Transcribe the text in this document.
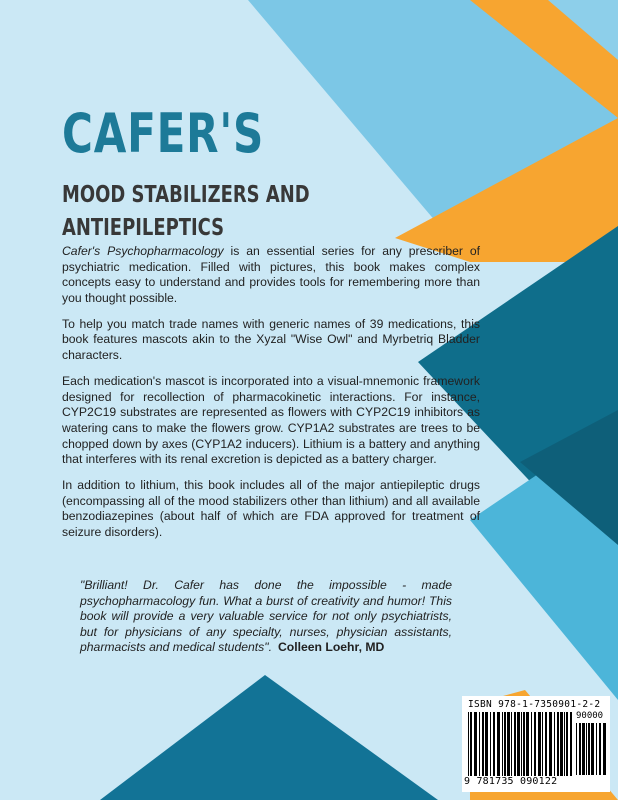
CAFER'S
MOOD STABILIZERS AND
ANTIEPILEPTICS

Cafer's Psychopharmacology is an essential series for any prescriber of psychiatric medication. Filled with pictures, this book makes complex concepts easy to understand and provides tools for remembering more than you thought possible.

To help you match trade names with generic names of 39 medications, this book features mascots akin to the Xyzal "Wise Owl" and Myrbetriq Bladder characters.

Each medication's mascot is incorporated into a visual-mnemonic framework designed for recollection of pharmacokinetic interactions. For instance, CYP2C19 substrates are represented as flowers with CYP2C19 inhibitors as watering cans to make the flowers grow. CYP1A2 substrates are trees to be chopped down by axes (CYP1A2 inducers). Lithium is a battery and anything that interferes with its renal excretion is depicted as a battery charger.

In addition to lithium, this book includes all of the major antiepileptic drugs (encompassing all of the mood stabilizers other than lithium) and all available benzodiazepines (about half of which are FDA approved for treatment of seizure disorders).

"Brilliant! Dr. Cafer has done the impossible - made psychopharmacology fun. What a burst of creativity and humor! This book will provide a very valuable service for not only psychiatrists, but for physicians of any specialty, nurses, physician assistants, pharmacists and medical students". Colleen Loehr, MD

ISBN 978-1-7350901-2-2
90000
9 781735 090122
